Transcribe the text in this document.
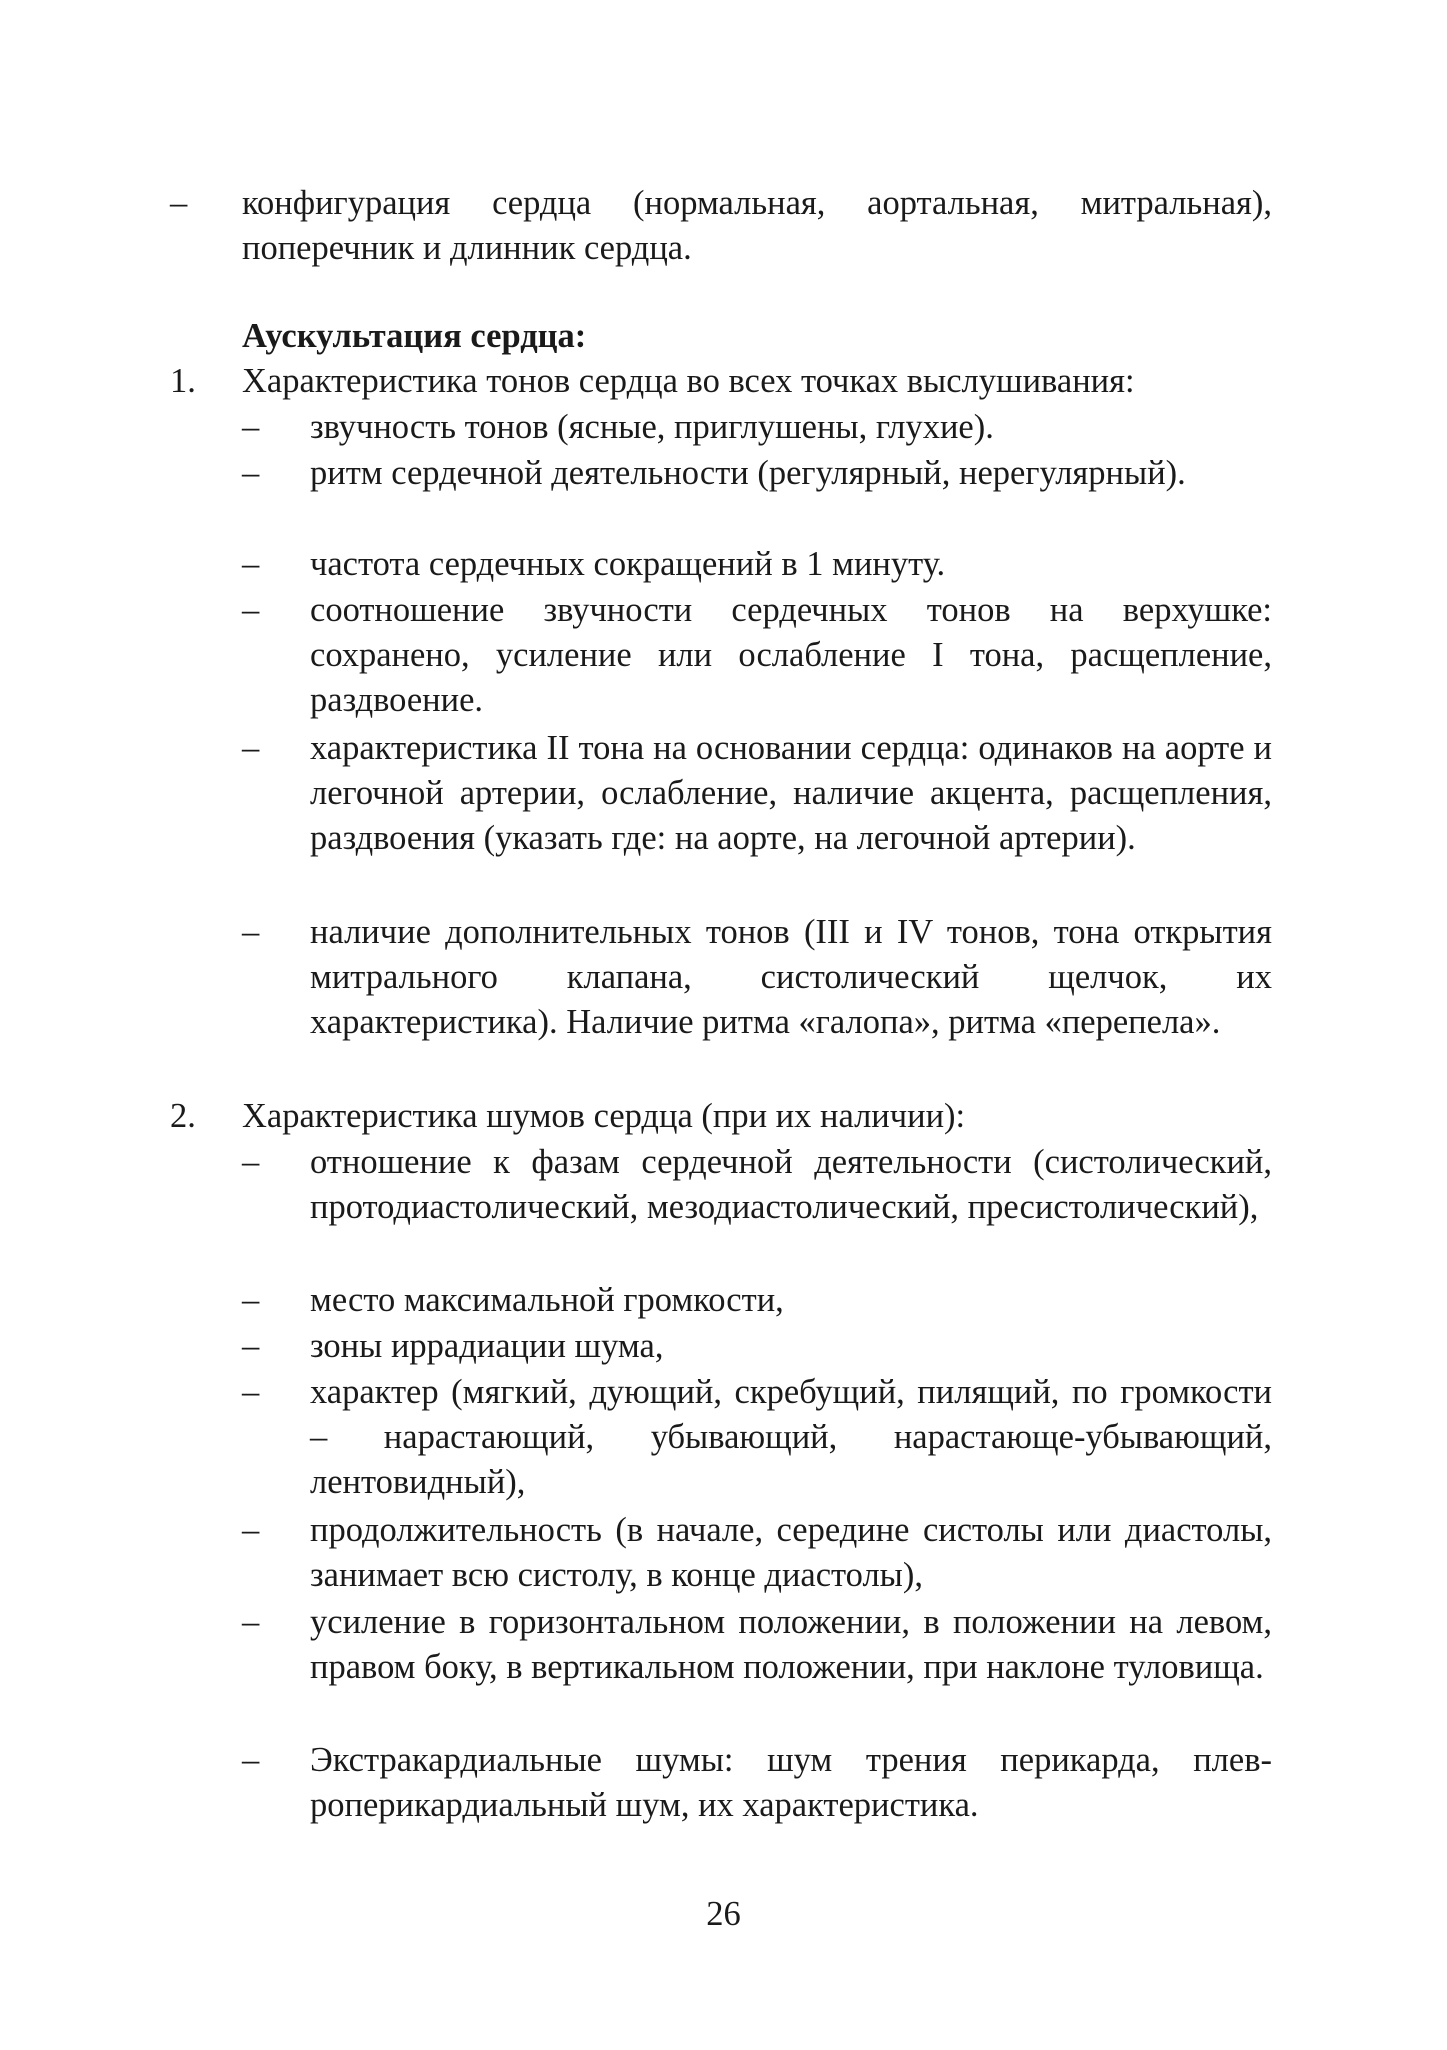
– конфигурация сердца (нормальная, аортальная, митральная), поперечник и длинник сердца.
Аускультация сердца:
1. Характеристика тонов сердца во всех точках выслушивания:
– звучность тонов (ясные, приглушены, глухие).
– ритм сердечной деятельности (регулярный, нерегулярный).
– частота сердечных сокращений в 1 минуту.
– соотношение звучности сердечных тонов на верхушке: сохранено, усиление или ослабление I тона, расщепление, раздвоение.
– характеристика II тона на основании сердца: одинаков на аорте и легочной артерии, ослабление, наличие акцента, расщепления, раздвоения (указать где: на аорте, на легочной артерии).
– наличие дополнительных тонов (III и IV тонов, тона открытия митрального клапана, систолический щелчок, их характеристика). Наличие ритма «галопа», ритма «перепела».
2. Характеристика шумов сердца (при их наличии):
– отношение к фазам сердечной деятельности (систолический, протодиастолический, мезодиастолический, пресистолический),
– место максимальной громкости,
– зоны иррадиации шума,
– характер (мягкий, дующий, скребущий, пилящий, по громкости – нарастающий, убывающий, нарастающе-убывающий, лентовидный),
– продолжительность (в начале, середине систолы или диастолы, занимает всю систолу, в конце диастолы),
– усиление в горизонтальном положении, в положении на левом, правом боку, в вертикальном положении, при наклоне туловища.
– Экстракардиальные шумы: шум трения перикарда, плевроперикардиальный шум, их характеристика.
26
